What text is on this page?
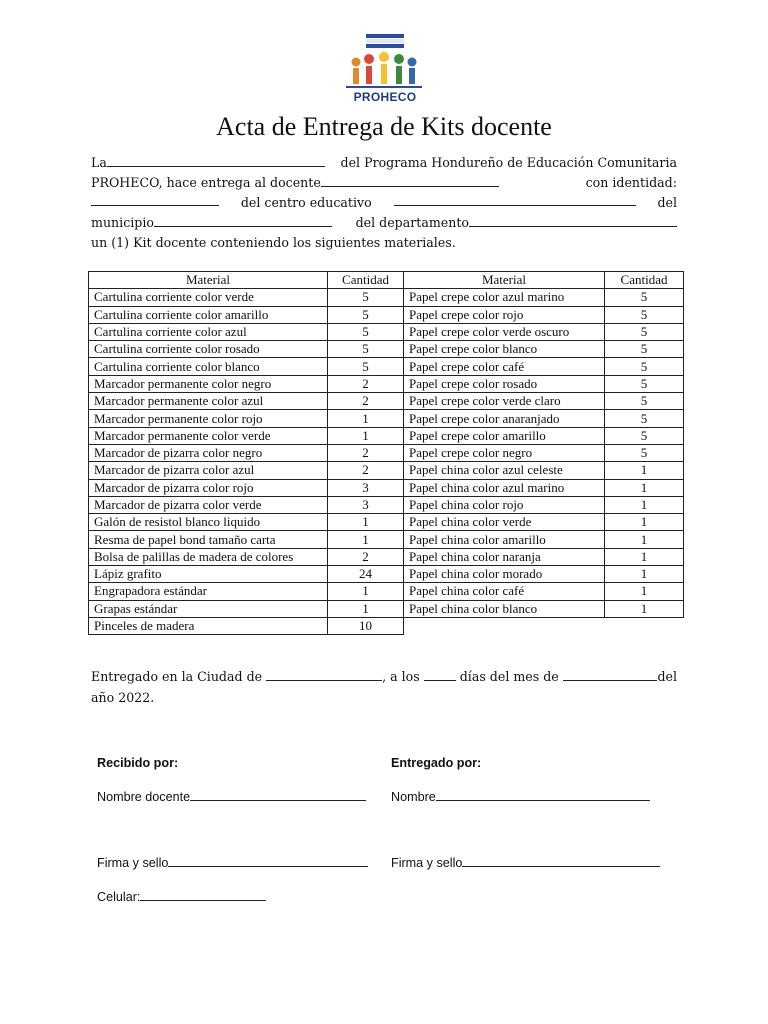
PROHECO
Acta de Entrega de Kits docente
La	del Programa Hondureño de Educación Comunitaria
PROHECO, hace entrega al docente	con identidad:
del centro educativo	del
municipio	del departamento
un (1) Kit docente conteniendo los siguientes materiales.
Material	Cantidad	Material	Cantidad
Cartulina corriente color verde	5	Papel crepe color azul marino	5
Cartulina corriente color amarillo	5	Papel crepe color rojo	5
Cartulina corriente color azul	5	Papel crepe color verde oscuro	5
Cartulina corriente color rosado	5	Papel crepe color blanco	5
Cartulina corriente color blanco	5	Papel crepe color café	5
Marcador permanente color negro	2	Papel crepe color rosado	5
Marcador permanente color azul	2	Papel crepe color verde claro	5
Marcador permanente color rojo	1	Papel crepe color anaranjado	5
Marcador permanente color verde	1	Papel crepe color amarillo	5
Marcador de pizarra color negro	2	Papel crepe color negro	5
Marcador de pizarra color azul	2	Papel china color azul celeste	1
Marcador de pizarra color rojo	3	Papel china color azul marino	1
Marcador de pizarra color verde	3	Papel china color rojo	1
Galón de resistol blanco liquido	1	Papel china color verde	1
Resma de papel bond tamaño carta	1	Papel china color amarillo	1
Bolsa de palillas de madera de colores	2	Papel china color naranja	1
Lápiz grafito	24	Papel china color morado	1
Engrapadora estándar	1	Papel china color café	1
Grapas estándar	1	Papel china color blanco	1
Pinceles de madera	10		
Entregado en la Ciudad de	, a los	días del mes de	del
año 2022.
Recibido por:	Entregado por:
Nombre docente	Nombre
Firma y sello	Firma y sello
Celular:
